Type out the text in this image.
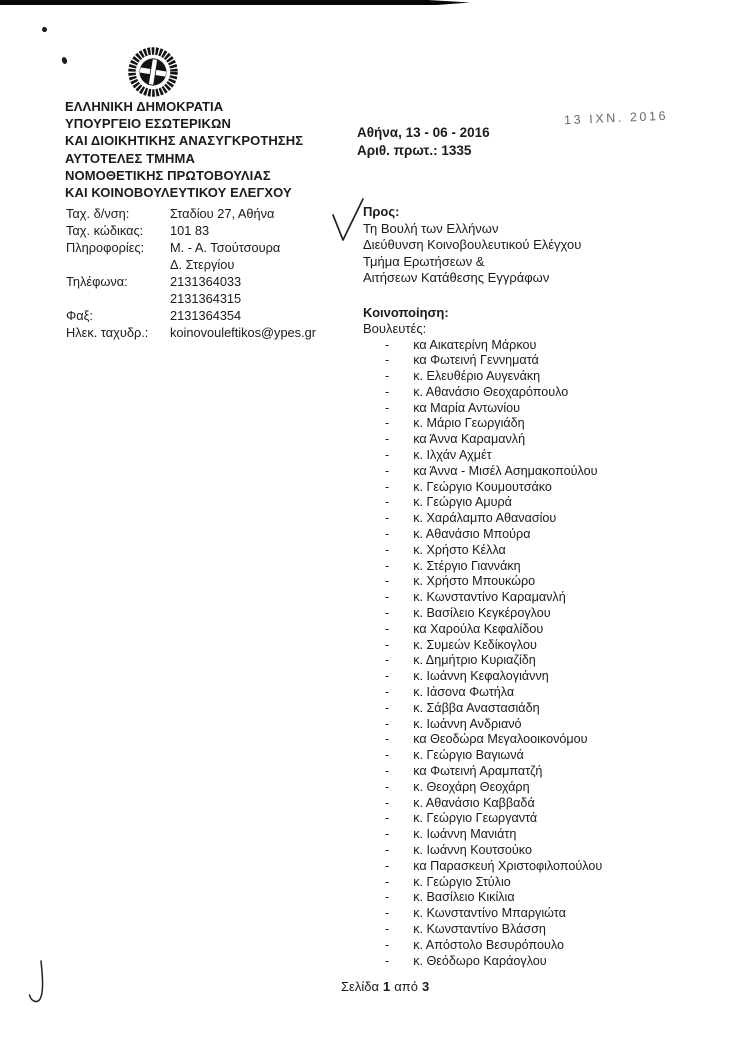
ΕΛΛΗΝΙΚΗ ΔΗΜΟΚΡΑΤΙΑ
ΥΠΟΥΡΓΕΙΟ ΕΣΩΤΕΡΙΚΩΝ
ΚΑΙ ΔΙΟΙΚΗΤΙΚΗΣ ΑΝΑΣΥΓΚΡΟΤΗΣΗΣ
ΑΥΤΟΤΕΛΕΣ ΤΜΗΜΑ
ΝΟΜΟΘΕΤΙΚΗΣ ΠΡΩΤΟΒΟΥΛΙΑΣ
ΚΑΙ ΚΟΙΝΟΒΟΥΛΕΥΤΙΚΟΥ ΕΛΕΓΧΟΥ
Αθήνα, 13 - 06 - 2016
Αριθ. πρωτ.: 1335
13 ΙΧΝ. 2016
Ταχ. δ/νση:	Σταδίου 27, Αθήνα
Ταχ. κώδικας:	101 83
Πληροφορίες:	Μ. - Α. Τσούτσουρα
Δ. Στεργίου
Τηλέφωνα:	2131364033
2131364315
Φαξ:	2131364354
Ηλεκ. ταχυδρ.:	koinovouleftikos@ypes.gr
Προς:
Τη Βουλή των Ελλήνων
Διεύθυνση Κοινοβουλευτικού Ελέγχου
Τμήμα Ερωτήσεων &
Αιτήσεων Κατάθεσης Εγγράφων
Κοινοποίηση:
Βουλευτές:
- κα Αικατερίνη Μάρκου
- κα Φωτεινή Γεννηματά
- κ. Ελευθέριο Αυγενάκη
- κ. Αθανάσιο Θεοχαρόπουλο
- κα Μαρία Αντωνίου
- κ. Μάριο Γεωργιάδη
- κα Άννα Καραμανλή
- κ. Ιλχάν Αχμέτ
- κα Άννα - Μισέλ Ασημακοπούλου
- κ. Γεώργιο Κουμουτσάκο
- κ. Γεώργιο Αμυρά
- κ. Χαράλαμπο Αθανασίου
- κ. Αθανάσιο Μπούρα
- κ. Χρήστο Κέλλα
- κ. Στέργιο Γιαννάκη
- κ. Χρήστο Μπουκώρο
- κ. Κωνσταντίνο Καραμανλή
- κ. Βασίλειο Κεγκέρογλου
- κα Χαρούλα Κεφαλίδου
- κ. Συμεών Κεδίκογλου
- κ. Δημήτριο Κυριαζίδη
- κ. Ιωάννη Κεφαλογιάννη
- κ. Ιάσονα Φωτήλα
- κ. Σάββα Αναστασιάδη
- κ. Ιωάννη Ανδριανό
- κα Θεοδώρα Μεγαλοοικονόμου
- κ. Γεώργιο Βαγιωνά
- κα Φωτεινή Αραμπατζή
- κ. Θεοχάρη Θεοχάρη
- κ. Αθανάσιο Καββαδά
- κ. Γεώργιο Γεωργαντά
- κ. Ιωάννη Μανιάτη
- κ. Ιωάννη Κουτσούκο
- κα Παρασκευή Χριστοφιλοπούλου
- κ. Γεώργιο Στύλιο
- κ. Βασίλειο Κικίλια
- κ. Κωνσταντίνο Μπαργιώτα
- κ. Κωνσταντίνο Βλάσση
- κ. Απόστολο Βεσυρόπουλο
- κ. Θεόδωρο Καράογλου
Σελίδα 1 από 3
